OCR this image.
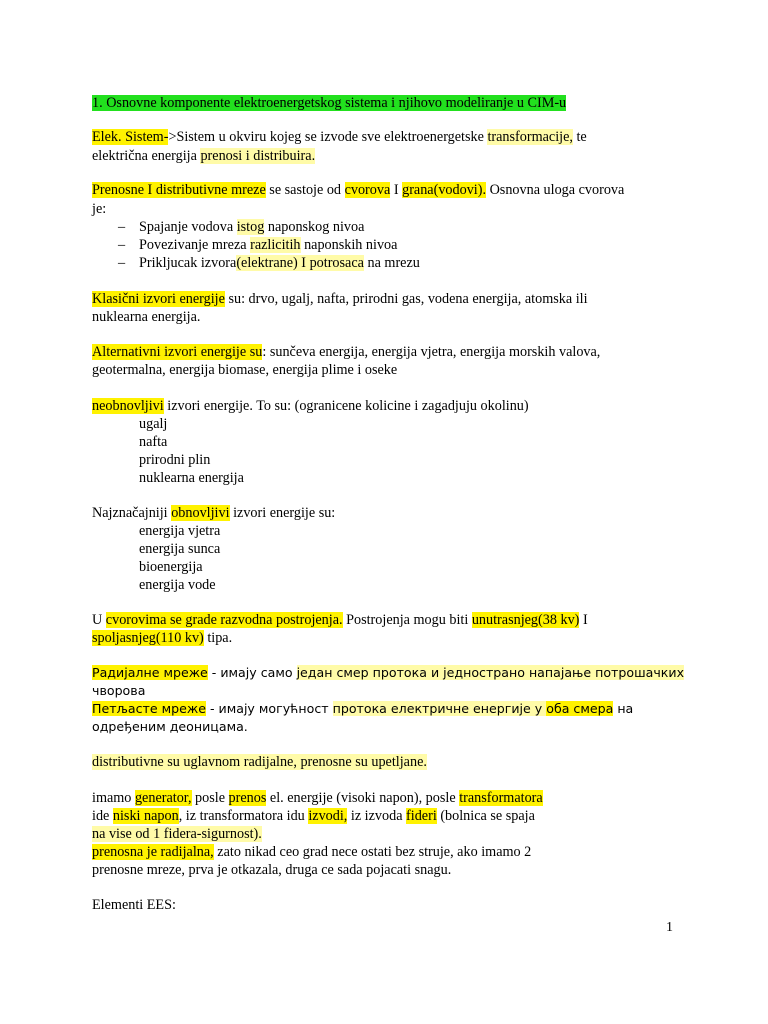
1. Osnovne komponente elektroenergetskog sistema i njihovo modeliranje u CIM-u

Elek. Sistem->Sistem u okviru kojeg se izvode sve elektroenergetske transformacije, te

električna energija prenosi i distribuira.

Prenosne I distributivne mreze se sastoje od cvorova I grana(vodovi). Osnovna uloga cvorova

je:

– Spajanje vodova istog naponskog nivoa

– Povezivanje mreza razlicitih naponskih nivoa

– Prikljucak izvora(elektrane) I potrosaca na mrezu

Klasični izvori energije su: drvo, ugalj, nafta, prirodni gas, vodena energija, atomska ili

nuklearna energija.

Alternativni izvori energije su: sunčeva energija, energija vjetra, energija morskih valova,

geotermalna, energija biomase, energija plime i oseke

neobnovljivi izvori energije. To su: (ogranicene kolicine i zagadjuju okolinu)

ugalj

nafta

prirodni plin

nuklearna energija

Najznačajniji obnovljivi izvori energije su:

energija vjetra

energija sunca

bioenergija

energija vode

U cvorovima se grade razvodna postrojenja. Postrojenja mogu biti unutrasnjeg(38 kv) I

spoljasnjeg(110 kv) tipa.

Радијалне мреже - имају само један смер протока и једнострано напајање потрошачких

чворова

Петљасте мреже - имају могућност протока електричне енергије у оба смера на

одређеним деоницама.

distributivne su uglavnom radijalne, prenosne su upetljane.

imamo generator, posle prenos el. energije (visoki napon), posle transformatora

ide niski napon, iz transformatora idu izvodi, iz izvoda fideri (bolnica se spaja

na vise od 1 fidera-sigurnost).

prenosna je radijalna, zato nikad ceo grad nece ostati bez struje, ako imamo 2

prenosne mreze, prva je otkazala, druga ce sada pojacati snagu.

Elementi EES:

1
